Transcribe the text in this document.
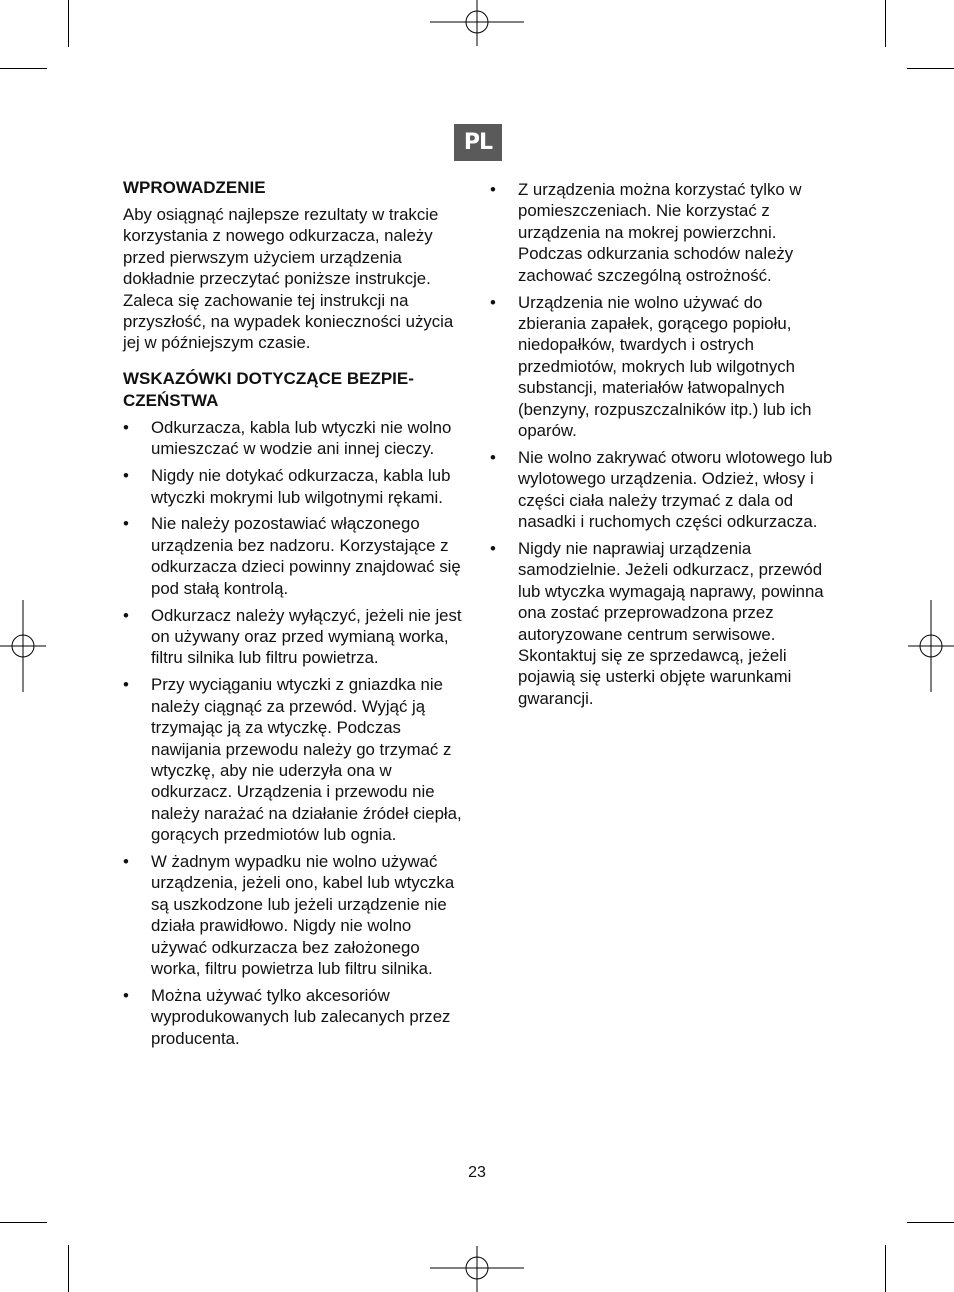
PL
WPROWADZENIE

Aby osiągnąć najlepsze rezultaty w trakcie korzystania z nowego odkurzacza, należy przed pierwszym użyciem urządzenia dokładnie przeczytać poniższe instrukcje. Zaleca się zachowanie tej instrukcji na przyszłość, na wypadek konieczności użycia jej w późniejszym czasie.

WSKAZÓWKI DOTYCZĄCE BEZPIE-CZEŃSTWA
• Odkurzacza, kabla lub wtyczki nie wolno umieszczać w wodzie ani innej cieczy.
• Nigdy nie dotykać odkurzacza, kabla lub wtyczki mokrymi lub wilgotnymi rękami.
• Nie należy pozostawiać włączonego urządzenia bez nadzoru. Korzystające z odkurzacza dzieci powinny znajdować się pod stałą kontrolą.
• Odkurzacz należy wyłączyć, jeżeli nie jest on używany oraz przed wymianą worka, filtru silnika lub filtru powietrza.
• Przy wyciąganiu wtyczki z gniazdka nie należy ciągnąć za przewód. Wyjąć ją trzymając ją za wtyczkę. Podczas nawijania przewodu należy go trzymać z wtyczkę, aby nie uderzyła ona w odkurzacz. Urządzenia i przewodu nie należy narażać na działanie źródeł ciepła, gorących przedmiotów lub ognia.
• W żadnym wypadku nie wolno używać urządzenia, jeżeli ono, kabel lub wtyczka są uszkodzone lub jeżeli urządzenie nie działa prawidłowo. Nigdy nie wolno używać odkurzacza bez założonego worka, filtru powietrza lub filtru silnika.
• Można używać tylko akcesoriów wyprodukowanych lub zalecanych przez producenta.
• Z urządzenia można korzystać tylko w pomieszczeniach. Nie korzystać z urządzenia na mokrej powierzchni. Podczas odkurzania schodów należy zachować szczególną ostrożność.
• Urządzenia nie wolno używać do zbierania zapałek, gorącego popiołu, niedopałków, twardych i ostrych przedmiotów, mokrych lub wilgotnych substancji, materiałów łatwopalnych (benzyny, rozpuszczalników itp.) lub ich oparów.
• Nie wolno zakrywać otworu wlotowego lub wylotowego urządzenia. Odzież, włosy i części ciała należy trzymać z dala od nasadki i ruchomych części odkurzacza.
• Nigdy nie naprawiaj urządzenia samodzielnie. Jeżeli odkurzacz, przewód lub wtyczka wymagają naprawy, powinna ona zostać przeprowadzona przez autoryzowane centrum serwisowe. Skontaktuj się ze sprzedawcą, jeżeli pojawią się usterki objęte warunkami gwarancji.
23
